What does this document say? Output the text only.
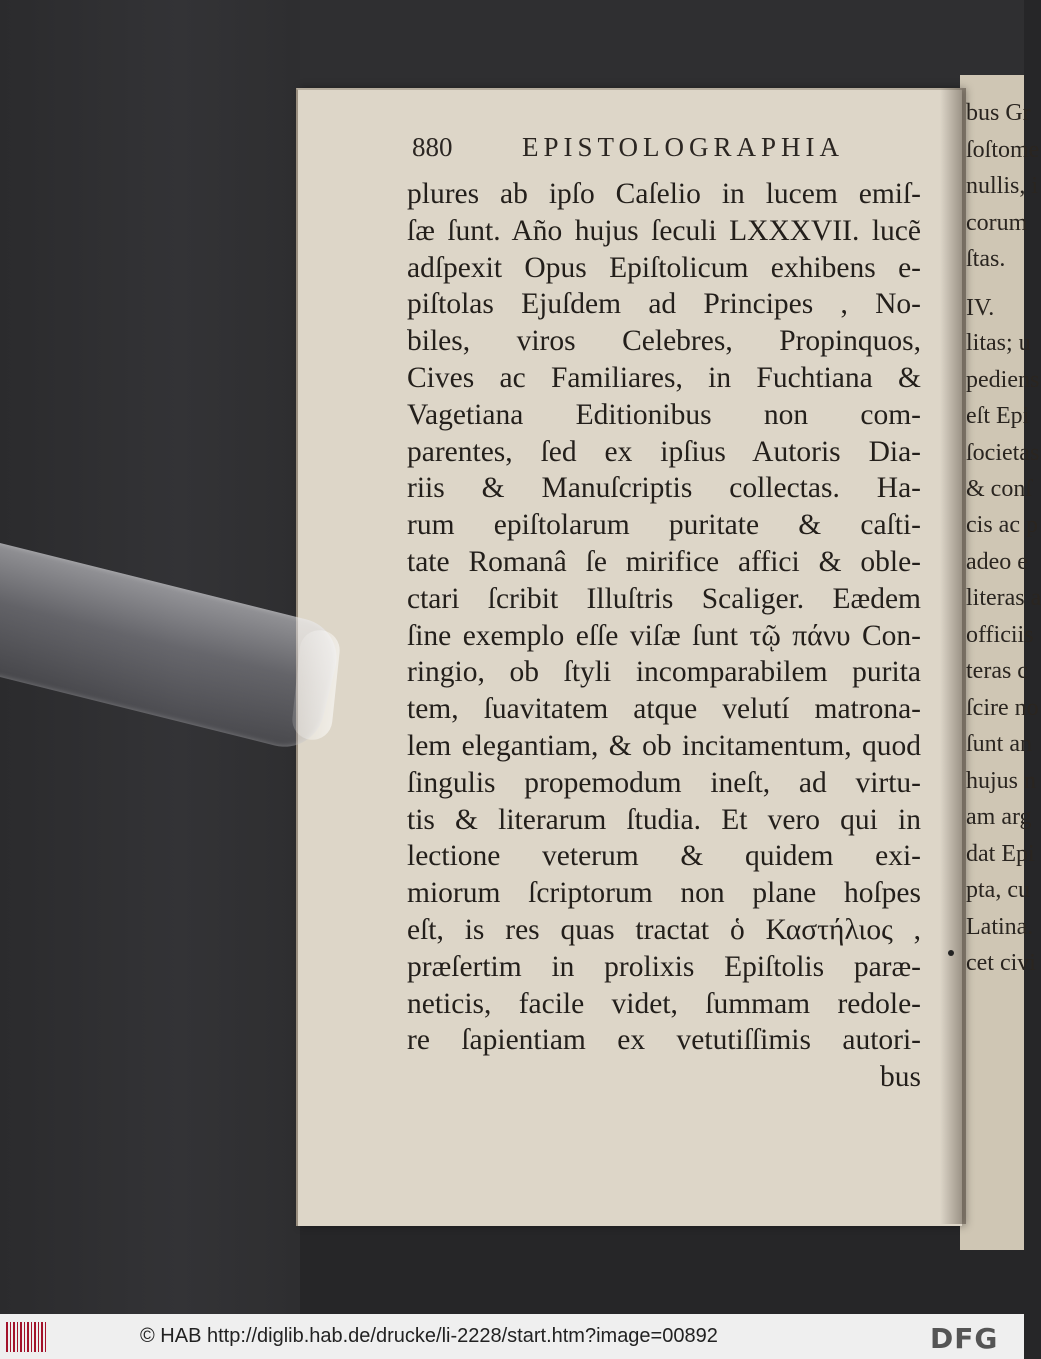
bus Gr
ſoſtome
nullis, i
corum
ſtas.
IV.
litas; u
pediens
eſt Epi
ſocietas
& conſ
cis ac p
adeo e
literas a
officiis
teras c
ſcire no
ſunt an
hujus n
am arg
dat Epi
pta, cu
Latina.
cet civi
880	EPISTOLOGRAPHIA
plures ab ipſo Caſelio in lucem emiſ-
ſæ ſunt. Año hujus ſeculi LXXXVII. lucẽ
adſpexit Opus Epiſtolicum exhibens e-
piſtolas Ejuſdem ad Principes , No-
biles, viros Celebres, Propinquos,
Cives ac Familiares, in Fuchtiana &
Vagetiana Editionibus non com-
parentes, ſed ex ipſius Autoris Dia-
riis & Manuſcriptis collectas. Ha-
rum epiſtolarum puritate & caſti-
tate Romanâ ſe mirifice affici & oble-
ctari ſcribit Illuſtris Scaliger. Eædem
ſine exemplo eſſe viſæ ſunt τῷ πάνυ Con-
ringio, ob ſtyli incomparabilem purita
tem, ſuavitatem atque velutí matrona-
lem elegantiam, & ob incitamentum, quod
ſingulis propemodum ineſt, ad virtu-
tis & literarum ſtudia. Et vero qui in
lectione veterum & quidem exi-
miorum ſcriptorum non plane hoſpes
eſt, is res quas tractat ὁ Καστήλιος ,
præſertim in prolixis Epiſtolis paræ-
neticis, facile videt, ſummam redole-
re ſapientiam ex vetutiſſimis autori-
bus
© HAB http://diglib.hab.de/drucke/li-2228/start.htm?image=00892	DFG
